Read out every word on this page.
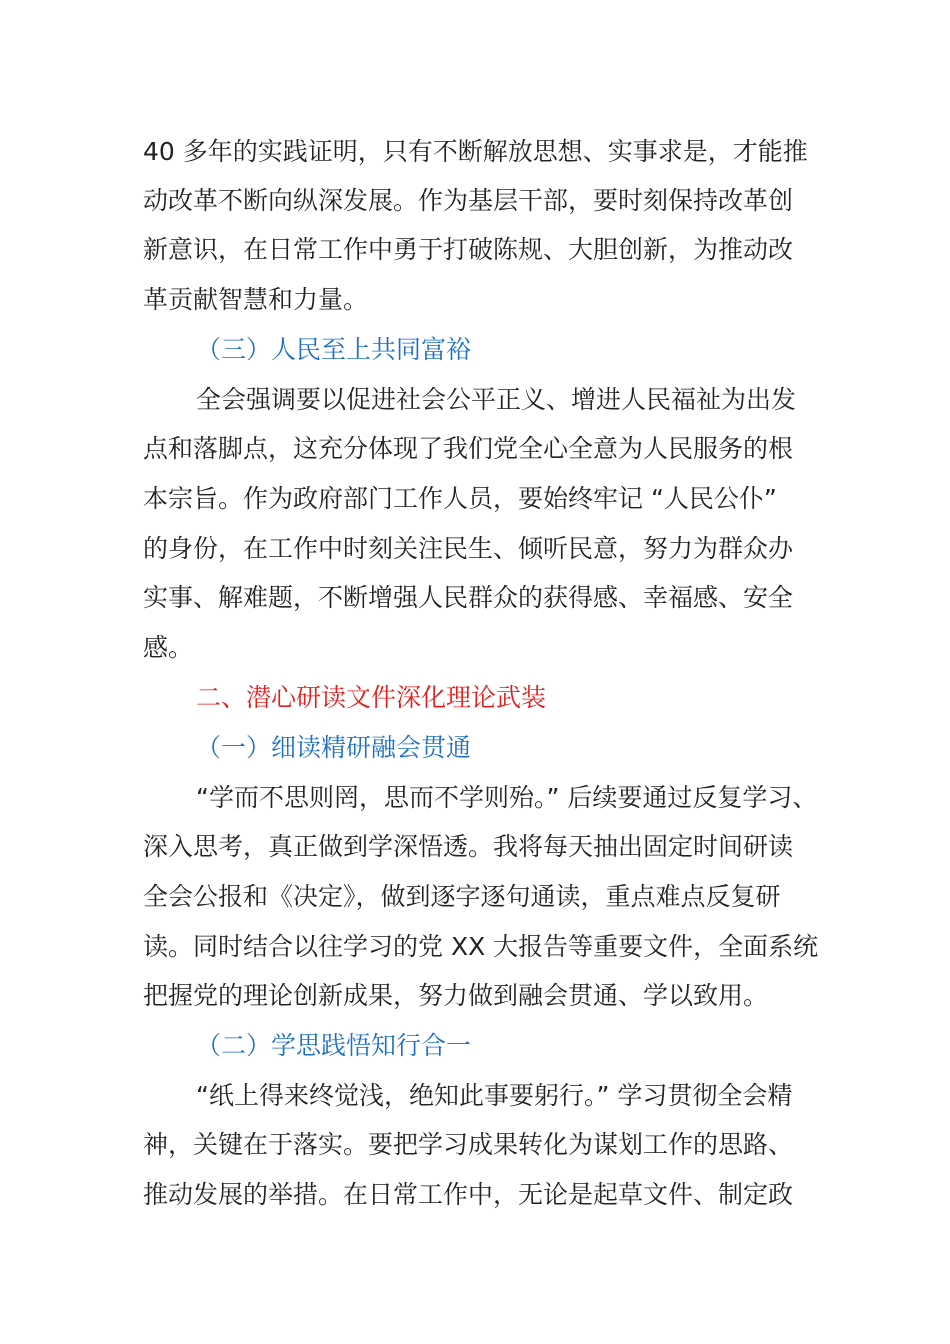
40 多年的实践证明，只有不断解放思想、实事求是，才能推
动改革不断向纵深发展。作为基层干部，要时刻保持改革创
新意识，在日常工作中勇于打破陈规、大胆创新，为推动改
革贡献智慧和力量。
（三）人民至上共同富裕
全会强调要以促进社会公平正义、增进人民福祉为出发
点和落脚点，这充分体现了我们党全心全意为人民服务的根
本宗旨。作为政府部门工作人员，要始终牢记 “人民公仆”
的身份，在工作中时刻关注民生、倾听民意，努力为群众办
实事、解难题，不断增强人民群众的获得感、幸福感、安全
感。
二、潜心研读文件深化理论武装
（一）细读精研融会贯通
“学而不思则罔，思而不学则殆。” 后续要通过反复学习、
深入思考，真正做到学深悟透。我将每天抽出固定时间研读
全会公报和《决定》，做到逐字逐句通读，重点难点反复研
读。同时结合以往学习的党 XX 大报告等重要文件，全面系统
把握党的理论创新成果，努力做到融会贯通、学以致用。
（二）学思践悟知行合一
“纸上得来终觉浅，绝知此事要躬行。” 学习贯彻全会精
神，关键在于落实。要把学习成果转化为谋划工作的思路、
推动发展的举措。在日常工作中，无论是起草文件、制定政
